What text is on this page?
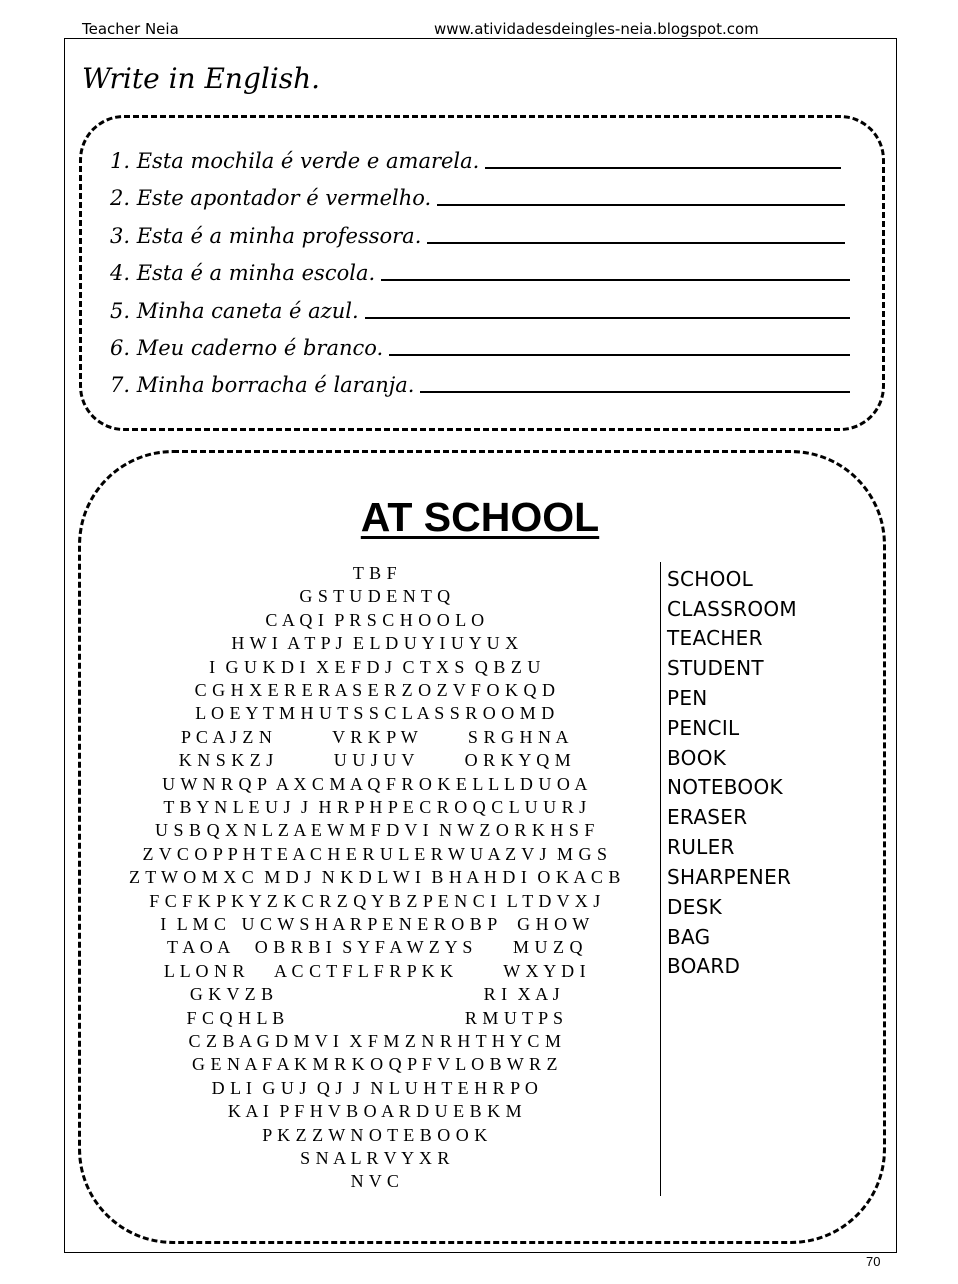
Teacher Neia	www.atividadesdeingles-neia.blogspot.com
Write in English.
1. Esta mochila é verde e amarela.
2. Este apontador é vermelho.
3. Esta é a minha professora.
4. Esta é a minha escola.
5. Minha caneta é azul.
6. Meu caderno é branco.
7. Minha borracha é laranja.
AT SCHOOL
T B F
G S T U D E N T Q
C A Q I  P R S C H O O L O
H W I  A T P J  E L D U Y I U Y U X
I  G U K D I  X E F D J  C T X S  Q B Z U
C G H X E R E R A S E R Z O Z V F O K Q D
L O E Y T M H U T S S C L A S S R O O M D
P C A J Z N            V R K P W          S R G H N A
K N S K Z J            U U J U V          O R K Y Q M
U W N R Q P  A X C M A Q F R O K E L L L D U O A
T B Y N L E U J  J  H R P H P E C R O Q C L U U R J
U S B Q X N L Z A E W M F D V I  N W Z O R K H S F
Z V C O P P H T E A C H E R U L E R W U A Z V J  M G S
Z T W O M X C  M D J  N K D L W I  B H A H D I  O K A C B
F C F K P K Y Z K C R Z Q Y B Z P E N C I  L T D V X J
I  L M C   U C W S H A R P E N E R O B P    G H O W
T A O A     O B R B I  S Y F A W Z Y S        M U Z Q
L L O N R      A C C T F L F R P K K          W X Y D I
G K V Z B                                          R I  X A J
F C Q H L B                                    R M U T P S
C Z B A G D M V I  X F M Z N R H T H Y C M
G E N A F A K M R K O Q P F V L O B W R Z
D L I  G U J  Q J  J  N L U H T E H R P O
K A I  P F H V B O A R D U E B K M
P K Z Z W N O T E B O O K
S N A L R V Y X R
N V C
SCHOOL
CLASSROOM
TEACHER
STUDENT
PEN
PENCIL
BOOK
NOTEBOOK
ERASER
RULER
SHARPENER
DESK
BAG
BOARD
70
